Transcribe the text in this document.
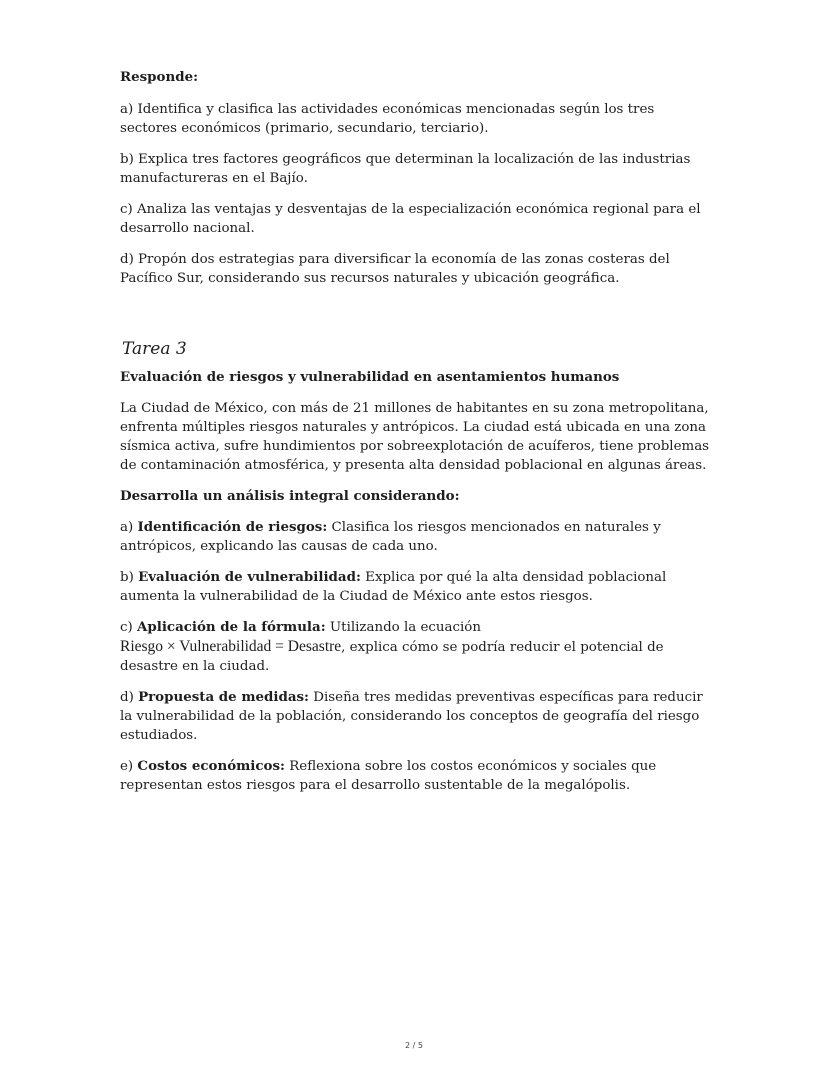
Responde:

a) Identifica y clasifica las actividades económicas mencionadas según los tres sectores económicos (primario, secundario, terciario).

b) Explica tres factores geográficos que determinan la localización de las industrias manufactureras en el Bajío.

c) Analiza las ventajas y desventajas de la especialización económica regional para el desarrollo nacional.

d) Propón dos estrategias para diversificar la economía de las zonas costeras del Pacífico Sur, considerando sus recursos naturales y ubicación geográfica.

Tarea 3

Evaluación de riesgos y vulnerabilidad en asentamientos humanos

La Ciudad de México, con más de 21 millones de habitantes en su zona metropolitana, enfrenta múltiples riesgos naturales y antrópicos. La ciudad está ubicada en una zona sísmica activa, sufre hundimientos por sobreexplotación de acuíferos, tiene problemas de contaminación atmosférica, y presenta alta densidad poblacional en algunas áreas.

Desarrolla un análisis integral considerando:

a) Identificación de riesgos: Clasifica los riesgos mencionados en naturales y antrópicos, explicando las causas de cada uno.

b) Evaluación de vulnerabilidad: Explica por qué la alta densidad poblacional aumenta la vulnerabilidad de la Ciudad de México ante estos riesgos.

c) Aplicación de la fórmula: Utilizando la ecuación
Riesgo × Vulnerabilidad = Desastre, explica cómo se podría reducir el potencial de desastre en la ciudad.

d) Propuesta de medidas: Diseña tres medidas preventivas específicas para reducir la vulnerabilidad de la población, considerando los conceptos de geografía del riesgo estudiados.

e) Costos económicos: Reflexiona sobre los costos económicos y sociales que representan estos riesgos para el desarrollo sustentable de la megalópolis.

2 / 5
